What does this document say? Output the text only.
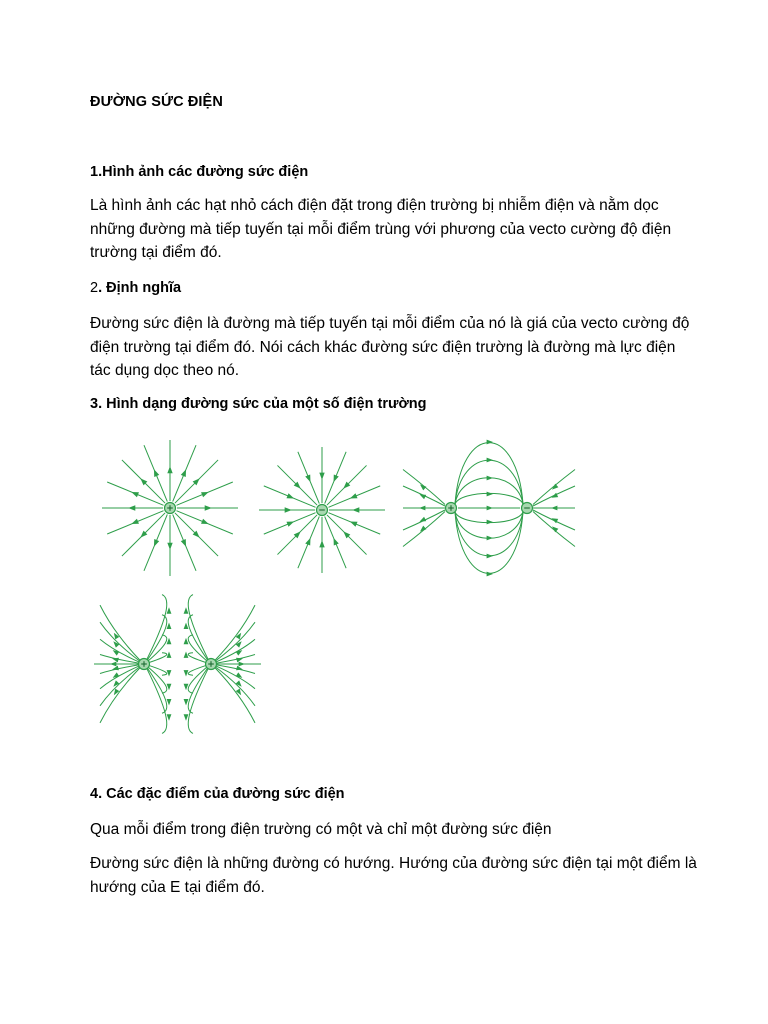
ĐƯỜNG SỨC ĐIỆN
1.Hình ảnh các đường sức điện
Là hình ảnh các hạt nhỏ cách điện đặt trong điện trường bị nhiễm điện và nằm dọc những đường mà tiếp tuyến tại mỗi điểm trùng với phương của vecto cường độ điện trường tại điểm đó.
2. Định nghĩa
Đường sức điện là đường mà tiếp tuyến tại mỗi điểm của nó là giá của vecto cường độ điện trường tại điểm đó. Nói cách khác đường sức điện trường là đường mà lực điện tác dụng dọc theo nó.
3. Hình dạng đường sức của một số điện trường
4. Các đặc điểm của đường sức điện
Qua mỗi điểm trong điện trường có một và chỉ một đường sức điện
Đường sức điện là những đường có hướng. Hướng của đường sức điện tại một điểm là hướng của E tại điểm đó.
